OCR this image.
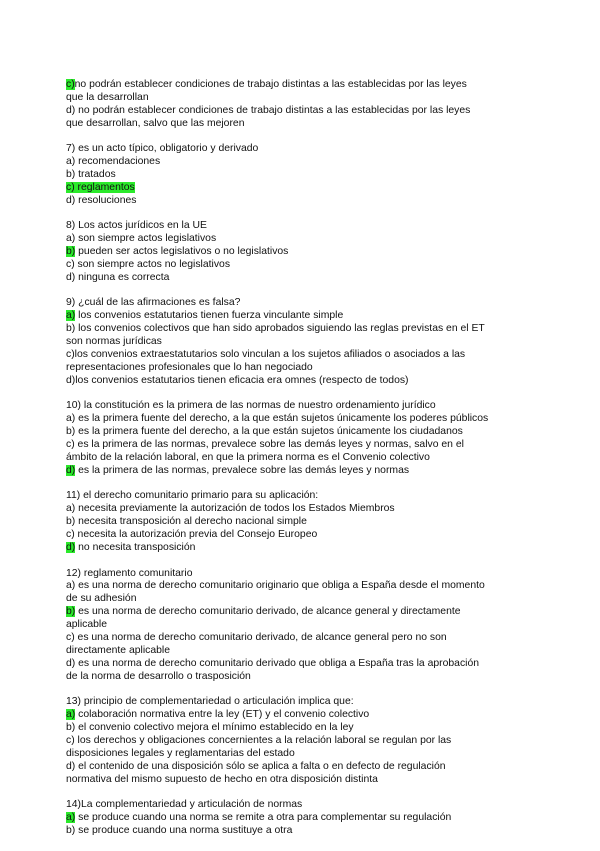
c)no podrán establecer condiciones de trabajo distintas a las establecidas por las leyes
que la desarrollan
d) no podrán establecer condiciones de trabajo distintas a las establecidas por las leyes
que desarrollan, salvo que las mejoren
7) es un acto típico, obligatorio y derivado
a) recomendaciones
b) tratados
c) reglamentos
d) resoluciones
8) Los actos jurídicos en la UE
a) son siempre actos legislativos
b) pueden ser actos legislativos o no legislativos
c) son siempre actos no legislativos
d) ninguna es correcta
9) ¿cuál de las afirmaciones es falsa?
a) los convenios estatutarios tienen fuerza vinculante simple
b) los convenios colectivos que han sido aprobados siguiendo las reglas previstas en el ET
son normas jurídicas
c)los convenios extraestatutarios solo vinculan a los sujetos afiliados o asociados a las
representaciones profesionales que lo han negociado
d)los convenios estatutarios tienen eficacia era omnes (respecto de todos)
10) la constitución es la primera de las normas de nuestro ordenamiento jurídico
a) es la primera fuente del derecho, a la que están sujetos únicamente los poderes públicos
b) es la primera fuente del derecho, a la que están sujetos únicamente los ciudadanos
c) es la primera de las normas, prevalece sobre las demás leyes y normas, salvo en el
ámbito de la relación laboral, en que la primera norma es el Convenio colectivo
d) es la primera de las normas, prevalece sobre las demás leyes y normas
11) el derecho comunitario primario para su aplicación:
a) necesita previamente la autorización de todos los Estados Miembros
b) necesita transposición al derecho nacional simple
c) necesita la autorización previa del Consejo Europeo
d) no necesita transposición
12) reglamento comunitario
a) es una norma de derecho comunitario originario que obliga a España desde el momento
de su adhesión
b) es una norma de derecho comunitario derivado, de alcance general y directamente
aplicable
c) es una norma de derecho comunitario derivado, de alcance general pero no son
directamente aplicable
d) es una norma de derecho comunitario derivado que obliga a España tras la aprobación
de la norma de desarrollo o trasposición
13) principio de complementariedad o articulación implica que:
a) colaboración normativa entre la ley (ET) y el convenio colectivo
b) el convenio colectivo mejora el mínimo establecido en la ley
c) los derechos y obligaciones concernientes a la relación laboral se regulan por las
disposiciones legales y reglamentarias del estado
d) el contenido de una disposición sólo se aplica a falta o en defecto de regulación
normativa del mismo supuesto de hecho en otra disposición distinta
14)La complementariedad y articulación de normas
a) se produce cuando una norma se remite a otra para complementar su regulación
b) se produce cuando una norma sustituye a otra
